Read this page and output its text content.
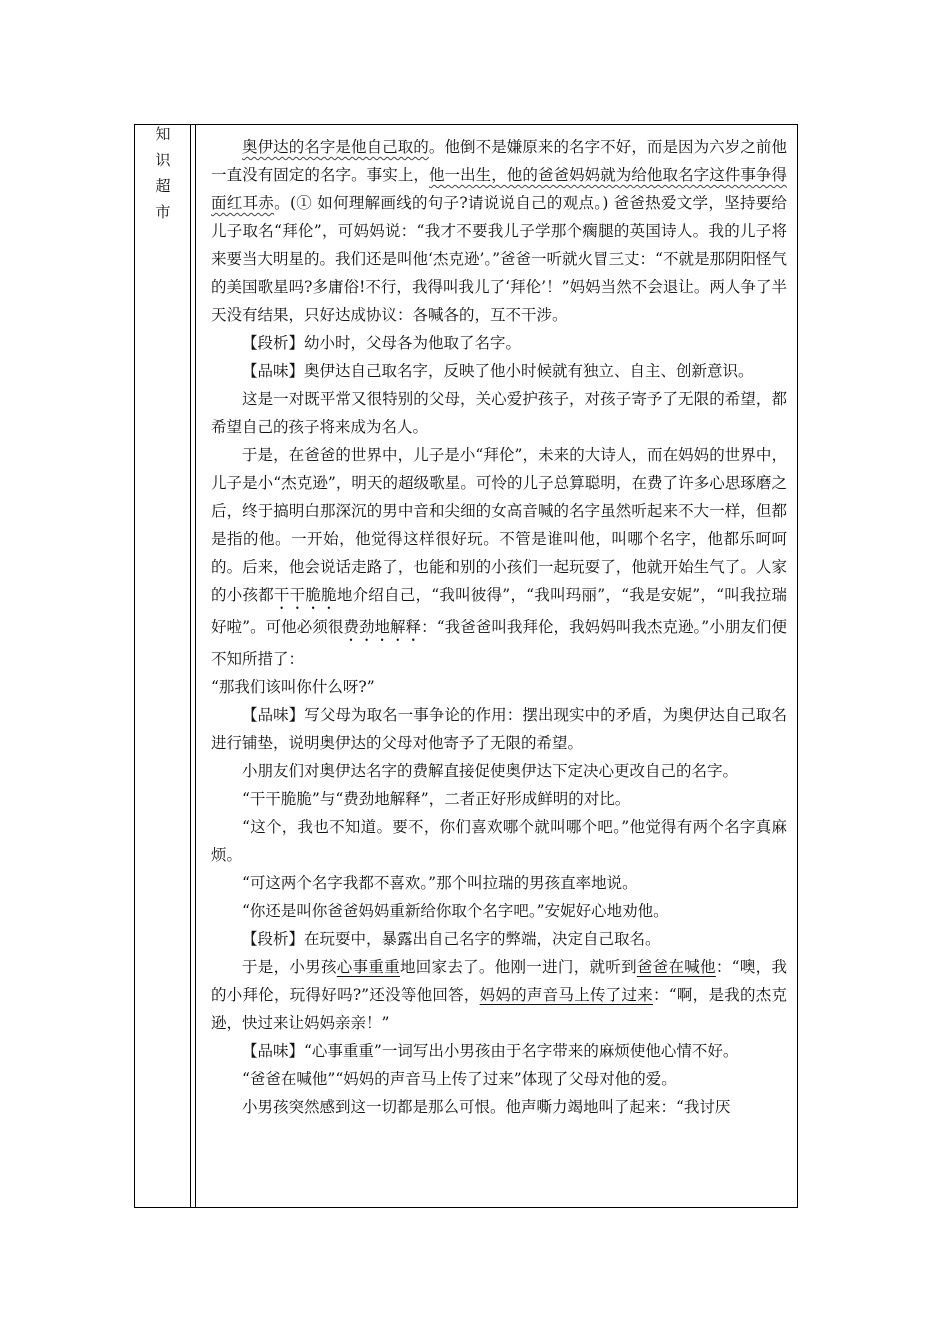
知
识
超
市

奥伊达的名字是他自己取的。他倒不是嫌原来的名字不好，而是因为六岁之前他一直没有固定的名字。事实上，他一出生，他的爸爸妈妈就为给他取名字这件事争得面红耳赤。(① 如何理解画线的句子?请说说自己的观点。) 爸爸热爱文学，坚持要给儿子取名“拜伦”，可妈妈说：“我才不要我儿子学那个瘸腿的英国诗人。我的儿子将来要当大明星的。我们还是叫他‘杰克逊’。”爸爸一听就火冒三丈：“不就是那阴阳怪气的美国歌星吗?多庸俗!不行，我得叫我儿了‘拜伦’！”妈妈当然不会退让。两人争了半天没有结果，只好达成协议：各喊各的，互不干涉。

【段析】幼小时，父母各为他取了名字。

【品味】奥伊达自己取名字，反映了他小时候就有独立、自主、创新意识。

这是一对既平常又很特别的父母，关心爱护孩子，对孩子寄予了无限的希望，都希望自己的孩子将来成为名人。

于是，在爸爸的世界中，儿子是小“拜伦”，未来的大诗人，而在妈妈的世界中，儿子是小“杰克逊”，明天的超级歌星。可怜的儿子总算聪明，在费了许多心思琢磨之后，终于搞明白那深沉的男中音和尖细的女高音喊的名字虽然听起来不大一样，但都是指的他。一开始，他觉得这样很好玩。不管是谁叫他，叫哪个名字，他都乐呵呵的。后来，他会说话走路了，也能和别的小孩们一起玩耍了，他就开始生气了。人家的小孩都干干脆脆地介绍自己，“我叫彼得”，“我叫玛丽”，“我是安妮”，“叫我拉瑞好啦”。可他必须很费劲地解释：“我爸爸叫我拜伦，我妈妈叫我杰克逊。”小朋友们便不知所措了：

“那我们该叫你什么呀?”

【品味】写父母为取名一事争论的作用：摆出现实中的矛盾，为奥伊达自己取名进行铺垫，说明奥伊达的父母对他寄予了无限的希望。

小朋友们对奥伊达名字的费解直接促使奥伊达下定决心更改自己的名字。

“干干脆脆”与“费劲地解释”，二者正好形成鲜明的对比。

“这个，我也不知道。要不，你们喜欢哪个就叫哪个吧。”他觉得有两个名字真麻烦。

“可这两个名字我都不喜欢。”那个叫拉瑞的男孩直率地说。

“你还是叫你爸爸妈妈重新给你取个名字吧。”安妮好心地劝他。

【段析】在玩耍中，暴露出自己名字的弊端，决定自己取名。

于是，小男孩心事重重地回家去了。他刚一进门，就听到爸爸在喊他：“噢，我的小拜伦，玩得好吗?”还没等他回答，妈妈的声音马上传了过来：“啊，是我的杰克逊，快过来让妈妈亲亲！”

【品味】“心事重重”一词写出小男孩由于名字带来的麻烦使他心情不好。

“爸爸在喊他”“妈妈的声音马上传了过来”体现了父母对他的爱。

小男孩突然感到这一切都是那么可恨。他声嘶力竭地叫了起来：“我讨厌
